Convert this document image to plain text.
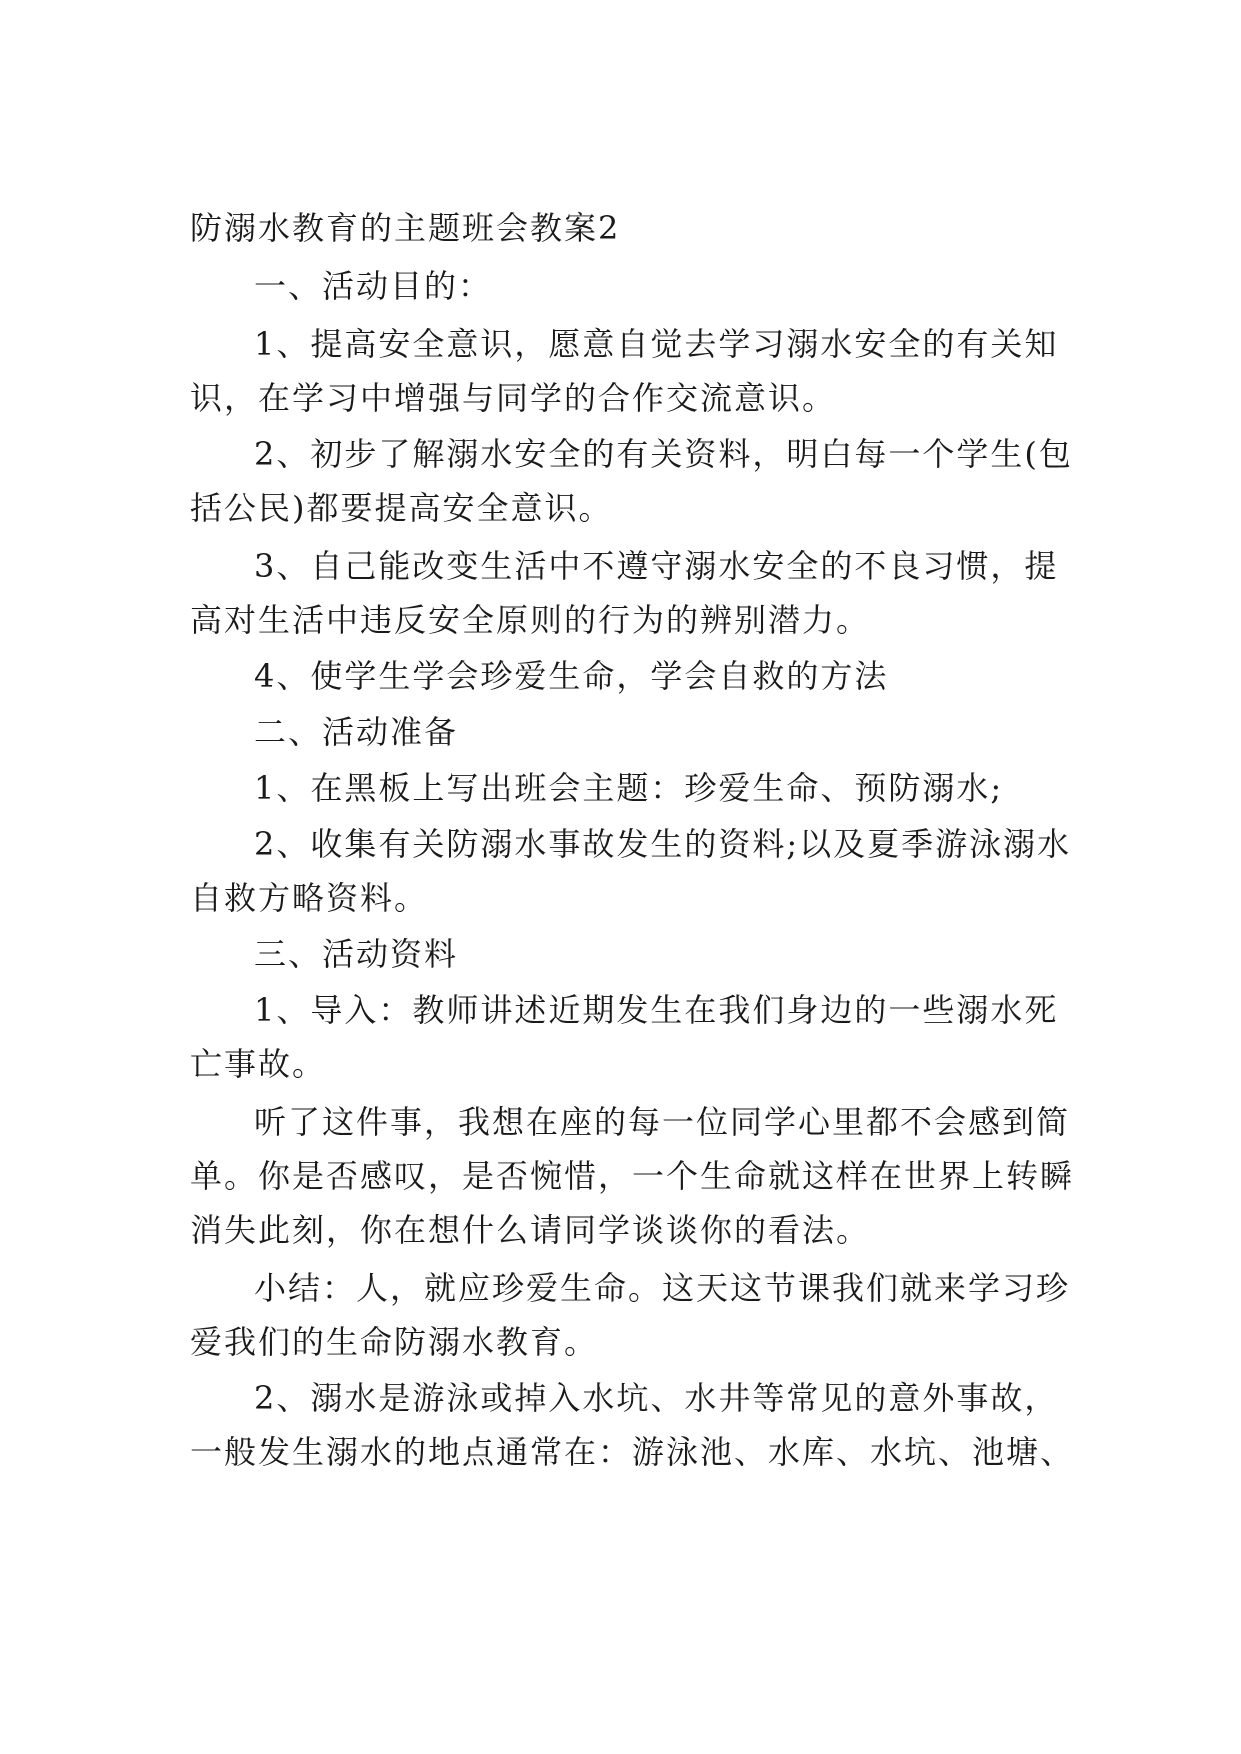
防溺水教育的主题班会教案2
一、活动目的：
1、提高安全意识，愿意自觉去学习溺水安全的有关知
识，在学习中增强与同学的合作交流意识。
2、初步了解溺水安全的有关资料，明白每一个学生(包
括公民)都要提高安全意识。
3、自己能改变生活中不遵守溺水安全的不良习惯，提
高对生活中违反安全原则的行为的辨别潜力。
4、使学生学会珍爱生命，学会自救的方法
二、活动准备
1、在黑板上写出班会主题：珍爱生命、预防溺水;
2、收集有关防溺水事故发生的资料;以及夏季游泳溺水
自救方略资料。
三、活动资料
1、导入：教师讲述近期发生在我们身边的一些溺水死
亡事故。
听了这件事，我想在座的每一位同学心里都不会感到简
单。你是否感叹，是否惋惜，一个生命就这样在世界上转瞬
消失此刻，你在想什么请同学谈谈你的看法。
小结：人，就应珍爱生命。这天这节课我们就来学习珍
爱我们的生命防溺水教育。
2、溺水是游泳或掉入水坑、水井等常见的意外事故，
一般发生溺水的地点通常在：游泳池、水库、水坑、池塘、
